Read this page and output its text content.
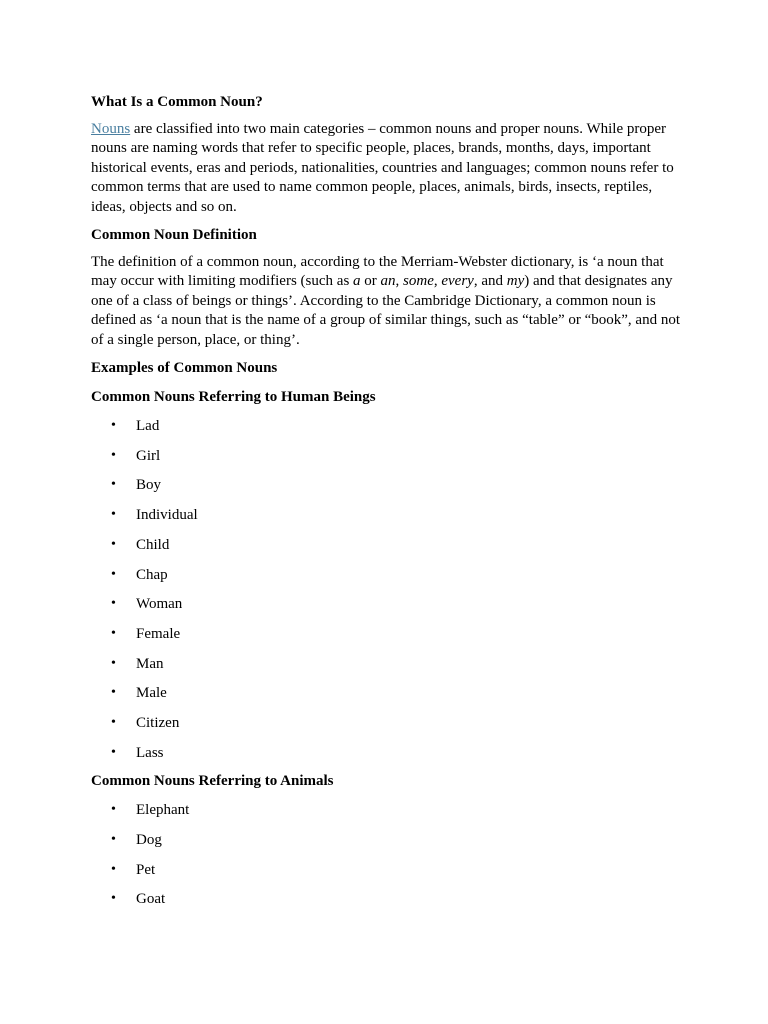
What Is a Common Noun?

Nouns are classified into two main categories – common nouns and proper nouns. While proper nouns are naming words that refer to specific people, places, brands, months, days, important historical events, eras and periods, nationalities, countries and languages; common nouns refer to common terms that are used to name common people, places, animals, birds, insects, reptiles, ideas, objects and so on.

Common Noun Definition

The definition of a common noun, according to the Merriam-Webster dictionary, is ‘a noun that may occur with limiting modifiers (such as a or an, some, every, and my) and that designates any one of a class of beings or things’. According to the Cambridge Dictionary, a common noun is defined as ‘a noun that is the name of a group of similar things, such as “table” or “book”, and not of a single person, place, or thing’.

Examples of Common Nouns

Common Nouns Referring to Human Beings

• Lad
• Girl
• Boy
• Individual
• Child
• Chap
• Woman
• Female
• Man
• Male
• Citizen
• Lass

Common Nouns Referring to Animals

• Elephant
• Dog
• Pet
• Goat
